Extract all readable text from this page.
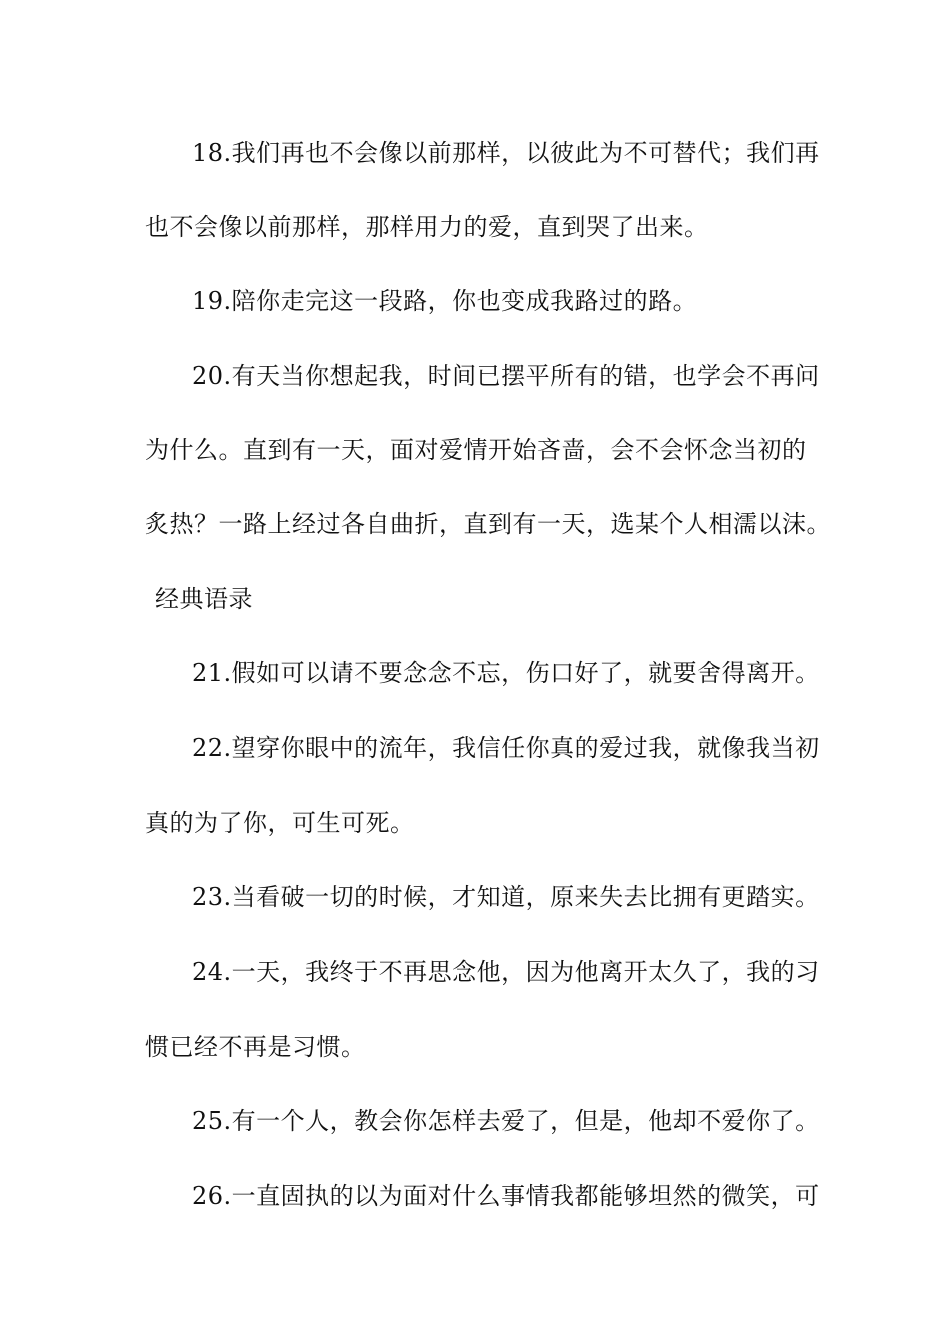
18.我们再也不会像以前那样，以彼此为不可替代；我们再
也不会像以前那样，那样用力的爱，直到哭了出来。
19.陪你走完这一段路，你也变成我路过的路。
20.有天当你想起我，时间已摆平所有的错，也学会不再问
为什么。直到有一天，面对爱情开始吝啬，会不会怀念当初的
炙热？一路上经过各自曲折，直到有一天，选某个人相濡以沫。
经典语录
21.假如可以请不要念念不忘，伤口好了，就要舍得离开。
22.望穿你眼中的流年，我信任你真的爱过我，就像我当初
真的为了你，可生可死。
23.当看破一切的时候，才知道，原来失去比拥有更踏实。
24.一天，我终于不再思念他，因为他离开太久了，我的习
惯已经不再是习惯。
25.有一个人，教会你怎样去爱了，但是，他却不爱你了。
26.一直固执的以为面对什么事情我都能够坦然的微笑，可
